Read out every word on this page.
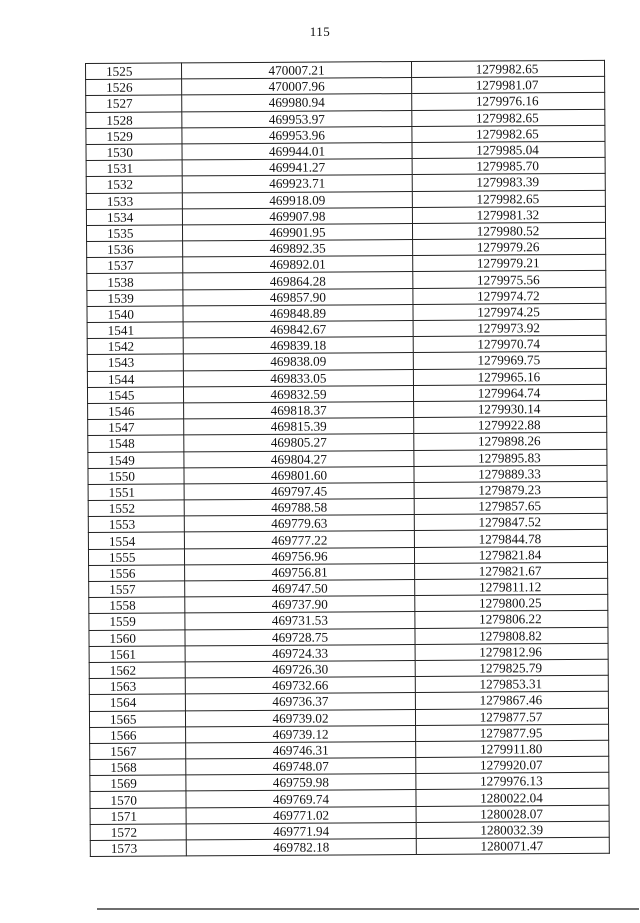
115
1525	470007.21	1279982.65
1526	470007.96	1279981.07
1527	469980.94	1279976.16
1528	469953.97	1279982.65
1529	469953.96	1279982.65
1530	469944.01	1279985.04
1531	469941.27	1279985.70
1532	469923.71	1279983.39
1533	469918.09	1279982.65
1534	469907.98	1279981.32
1535	469901.95	1279980.52
1536	469892.35	1279979.26
1537	469892.01	1279979.21
1538	469864.28	1279975.56
1539	469857.90	1279974.72
1540	469848.89	1279974.25
1541	469842.67	1279973.92
1542	469839.18	1279970.74
1543	469838.09	1279969.75
1544	469833.05	1279965.16
1545	469832.59	1279964.74
1546	469818.37	1279930.14
1547	469815.39	1279922.88
1548	469805.27	1279898.26
1549	469804.27	1279895.83
1550	469801.60	1279889.33
1551	469797.45	1279879.23
1552	469788.58	1279857.65
1553	469779.63	1279847.52
1554	469777.22	1279844.78
1555	469756.96	1279821.84
1556	469756.81	1279821.67
1557	469747.50	1279811.12
1558	469737.90	1279800.25
1559	469731.53	1279806.22
1560	469728.75	1279808.82
1561	469724.33	1279812.96
1562	469726.30	1279825.79
1563	469732.66	1279853.31
1564	469736.37	1279867.46
1565	469739.02	1279877.57
1566	469739.12	1279877.95
1567	469746.31	1279911.80
1568	469748.07	1279920.07
1569	469759.98	1279976.13
1570	469769.74	1280022.04
1571	469771.02	1280028.07
1572	469771.94	1280032.39
1573	469782.18	1280071.47
